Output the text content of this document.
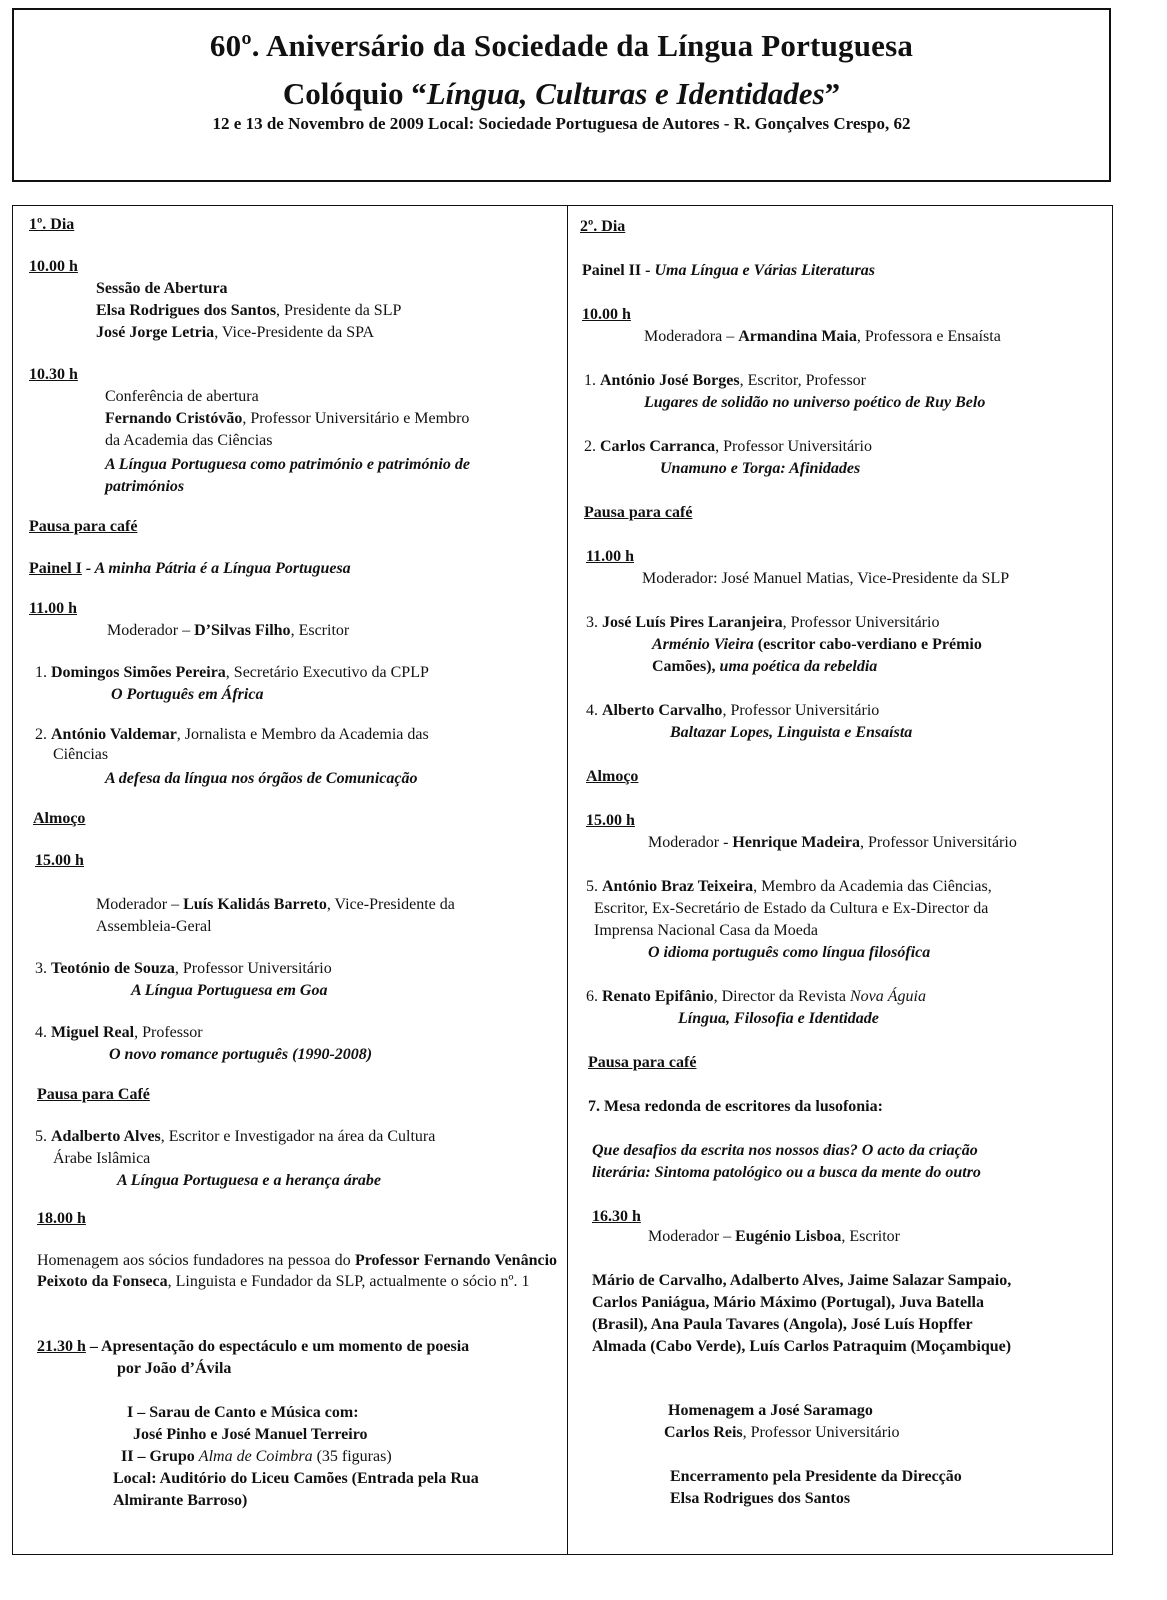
60º. Aniversário da Sociedade da Língua Portuguesa
Colóquio “Língua, Culturas e Identidades”
12 e 13 de Novembro de 2009 Local: Sociedade Portuguesa de Autores - R. Gonçalves Crespo, 62
1º. Dia
10.00 h
Sessão de Abertura
Elsa Rodrigues dos Santos, Presidente da SLP
José Jorge Letria, Vice-Presidente da SPA
10.30 h
Conferência de abertura
Fernando Cristóvão, Professor Universitário e Membro
da Academia das Ciências
A Língua Portuguesa como património e património de
patrimónios
Pausa para café
Painel I - A minha Pátria é a Língua Portuguesa
11.00 h
Moderador – D’Silvas Filho, Escritor
1. Domingos Simões Pereira, Secretário Executivo da CPLP
O Português em África
2. António Valdemar, Jornalista e Membro da Academia das
Ciências
A defesa da língua nos órgãos de Comunicação
Almoço
15.00 h
Moderador – Luís Kalidás Barreto, Vice-Presidente da
Assembleia-Geral
3. Teotónio de Souza, Professor Universitário
A Língua Portuguesa em Goa
4. Miguel Real, Professor
O novo romance português (1990-2008)
Pausa para Café
5. Adalberto Alves, Escritor e Investigador na área da Cultura
Árabe Islâmica
A Língua Portuguesa e a herança árabe
18.00 h
Homenagem aos sócios fundadores na pessoa do Professor Fernando Venâncio Peixoto da Fonseca, Linguista e Fundador da SLP, actualmente o sócio nº. 1
21.30 h – Apresentação do espectáculo e um momento de poesia
por João d’Ávila
I – Sarau de Canto e Música com:
José Pinho e José Manuel Terreiro
II – Grupo Alma de Coimbra (35 figuras)
Local: Auditório do Liceu Camões (Entrada pela Rua
Almirante Barroso)
2º. Dia
Painel II - Uma Língua e Várias Literaturas
10.00 h
Moderadora – Armandina Maia, Professora e Ensaísta
1. António José Borges, Escritor, Professor
Lugares de solidão no universo poético de Ruy Belo
2. Carlos Carranca, Professor Universitário
Unamuno e Torga: Afinidades
Pausa para café
11.00 h
Moderador: José Manuel Matias, Vice-Presidente da SLP
3. José Luís Pires Laranjeira, Professor Universitário
Arménio Vieira (escritor cabo-verdiano e Prémio
Camões), uma poética da rebeldia
4. Alberto Carvalho, Professor Universitário
Baltazar Lopes, Linguista e Ensaísta
Almoço
15.00 h
Moderador - Henrique Madeira, Professor Universitário
5. António Braz Teixeira, Membro da Academia das Ciências,
Escritor, Ex-Secretário de Estado da Cultura e Ex-Director da
Imprensa Nacional Casa da Moeda
O idioma português como língua filosófica
6. Renato Epifânio, Director da Revista Nova Águia
Língua, Filosofia e Identidade
Pausa para café
7. Mesa redonda de escritores da lusofonia:
Que desafios da escrita nos nossos dias? O acto da criação
literária: Sintoma patológico ou a busca da mente do outro
16.30 h
Moderador – Eugénio Lisboa, Escritor
Mário de Carvalho, Adalberto Alves, Jaime Salazar Sampaio,
Carlos Paniágua, Mário Máximo (Portugal), Juva Batella
(Brasil), Ana Paula Tavares (Angola), José Luís Hopffer
Almada (Cabo Verde), Luís Carlos Patraquim (Moçambique)
Homenagem a José Saramago
Carlos Reis, Professor Universitário
Encerramento pela Presidente da Direcção
Elsa Rodrigues dos Santos
